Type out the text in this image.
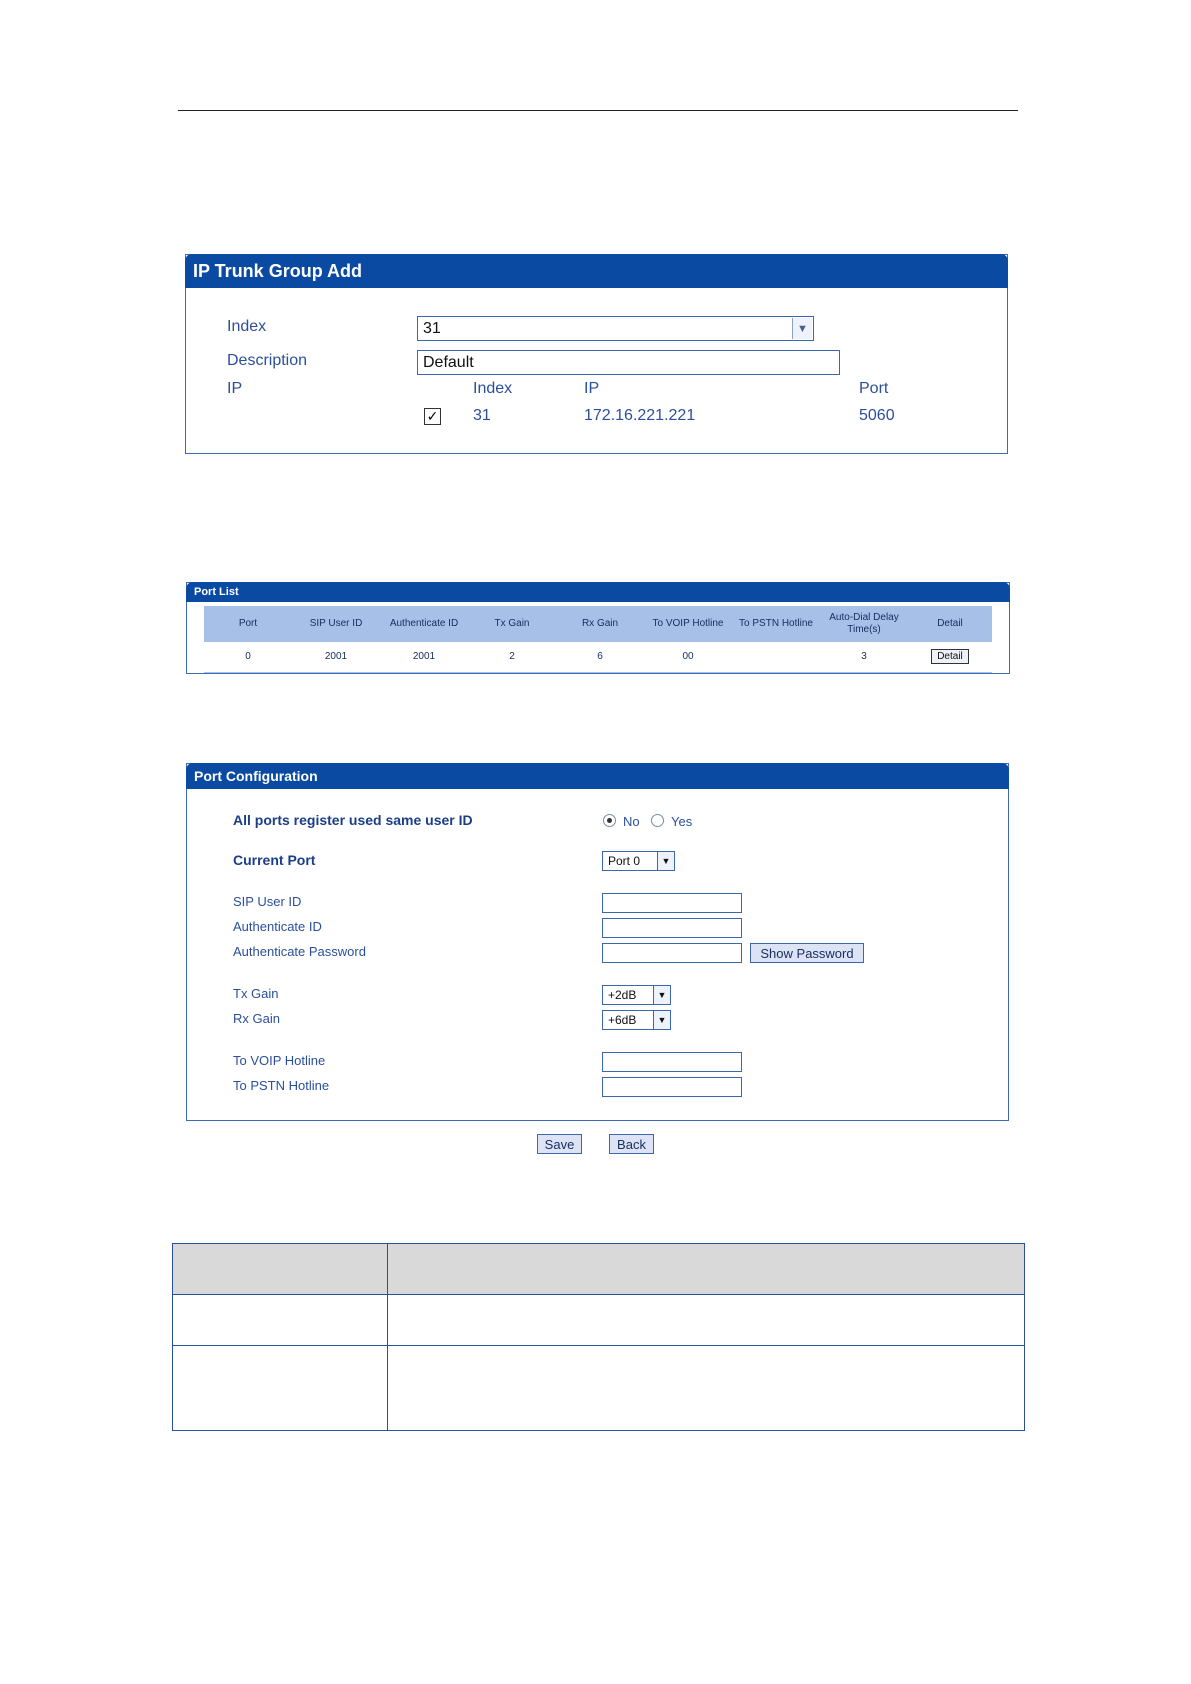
IP Trunk Group Add
Index	31	▼
Description	Default
IP	Index	IP	Port
✓ 31	172.16.221.221	5060
Port List
Port	SIP User ID	Authenticate ID	Tx Gain	Rx Gain	To VOIP Hotline	To PSTN Hotline	Auto-Dial Delay Time(s)	Detail
0	2001	2001	2	6	00		3	Detail
Port Configuration
All ports register used same user ID	No Yes
Current Port	Port 0	▼
SIP User ID
Authenticate ID
Authenticate Password	Show Password
Tx Gain	+2dB	▼
Rx Gain	+6dB	▼
To VOIP Hotline
To PSTN Hotline
Save	Back
